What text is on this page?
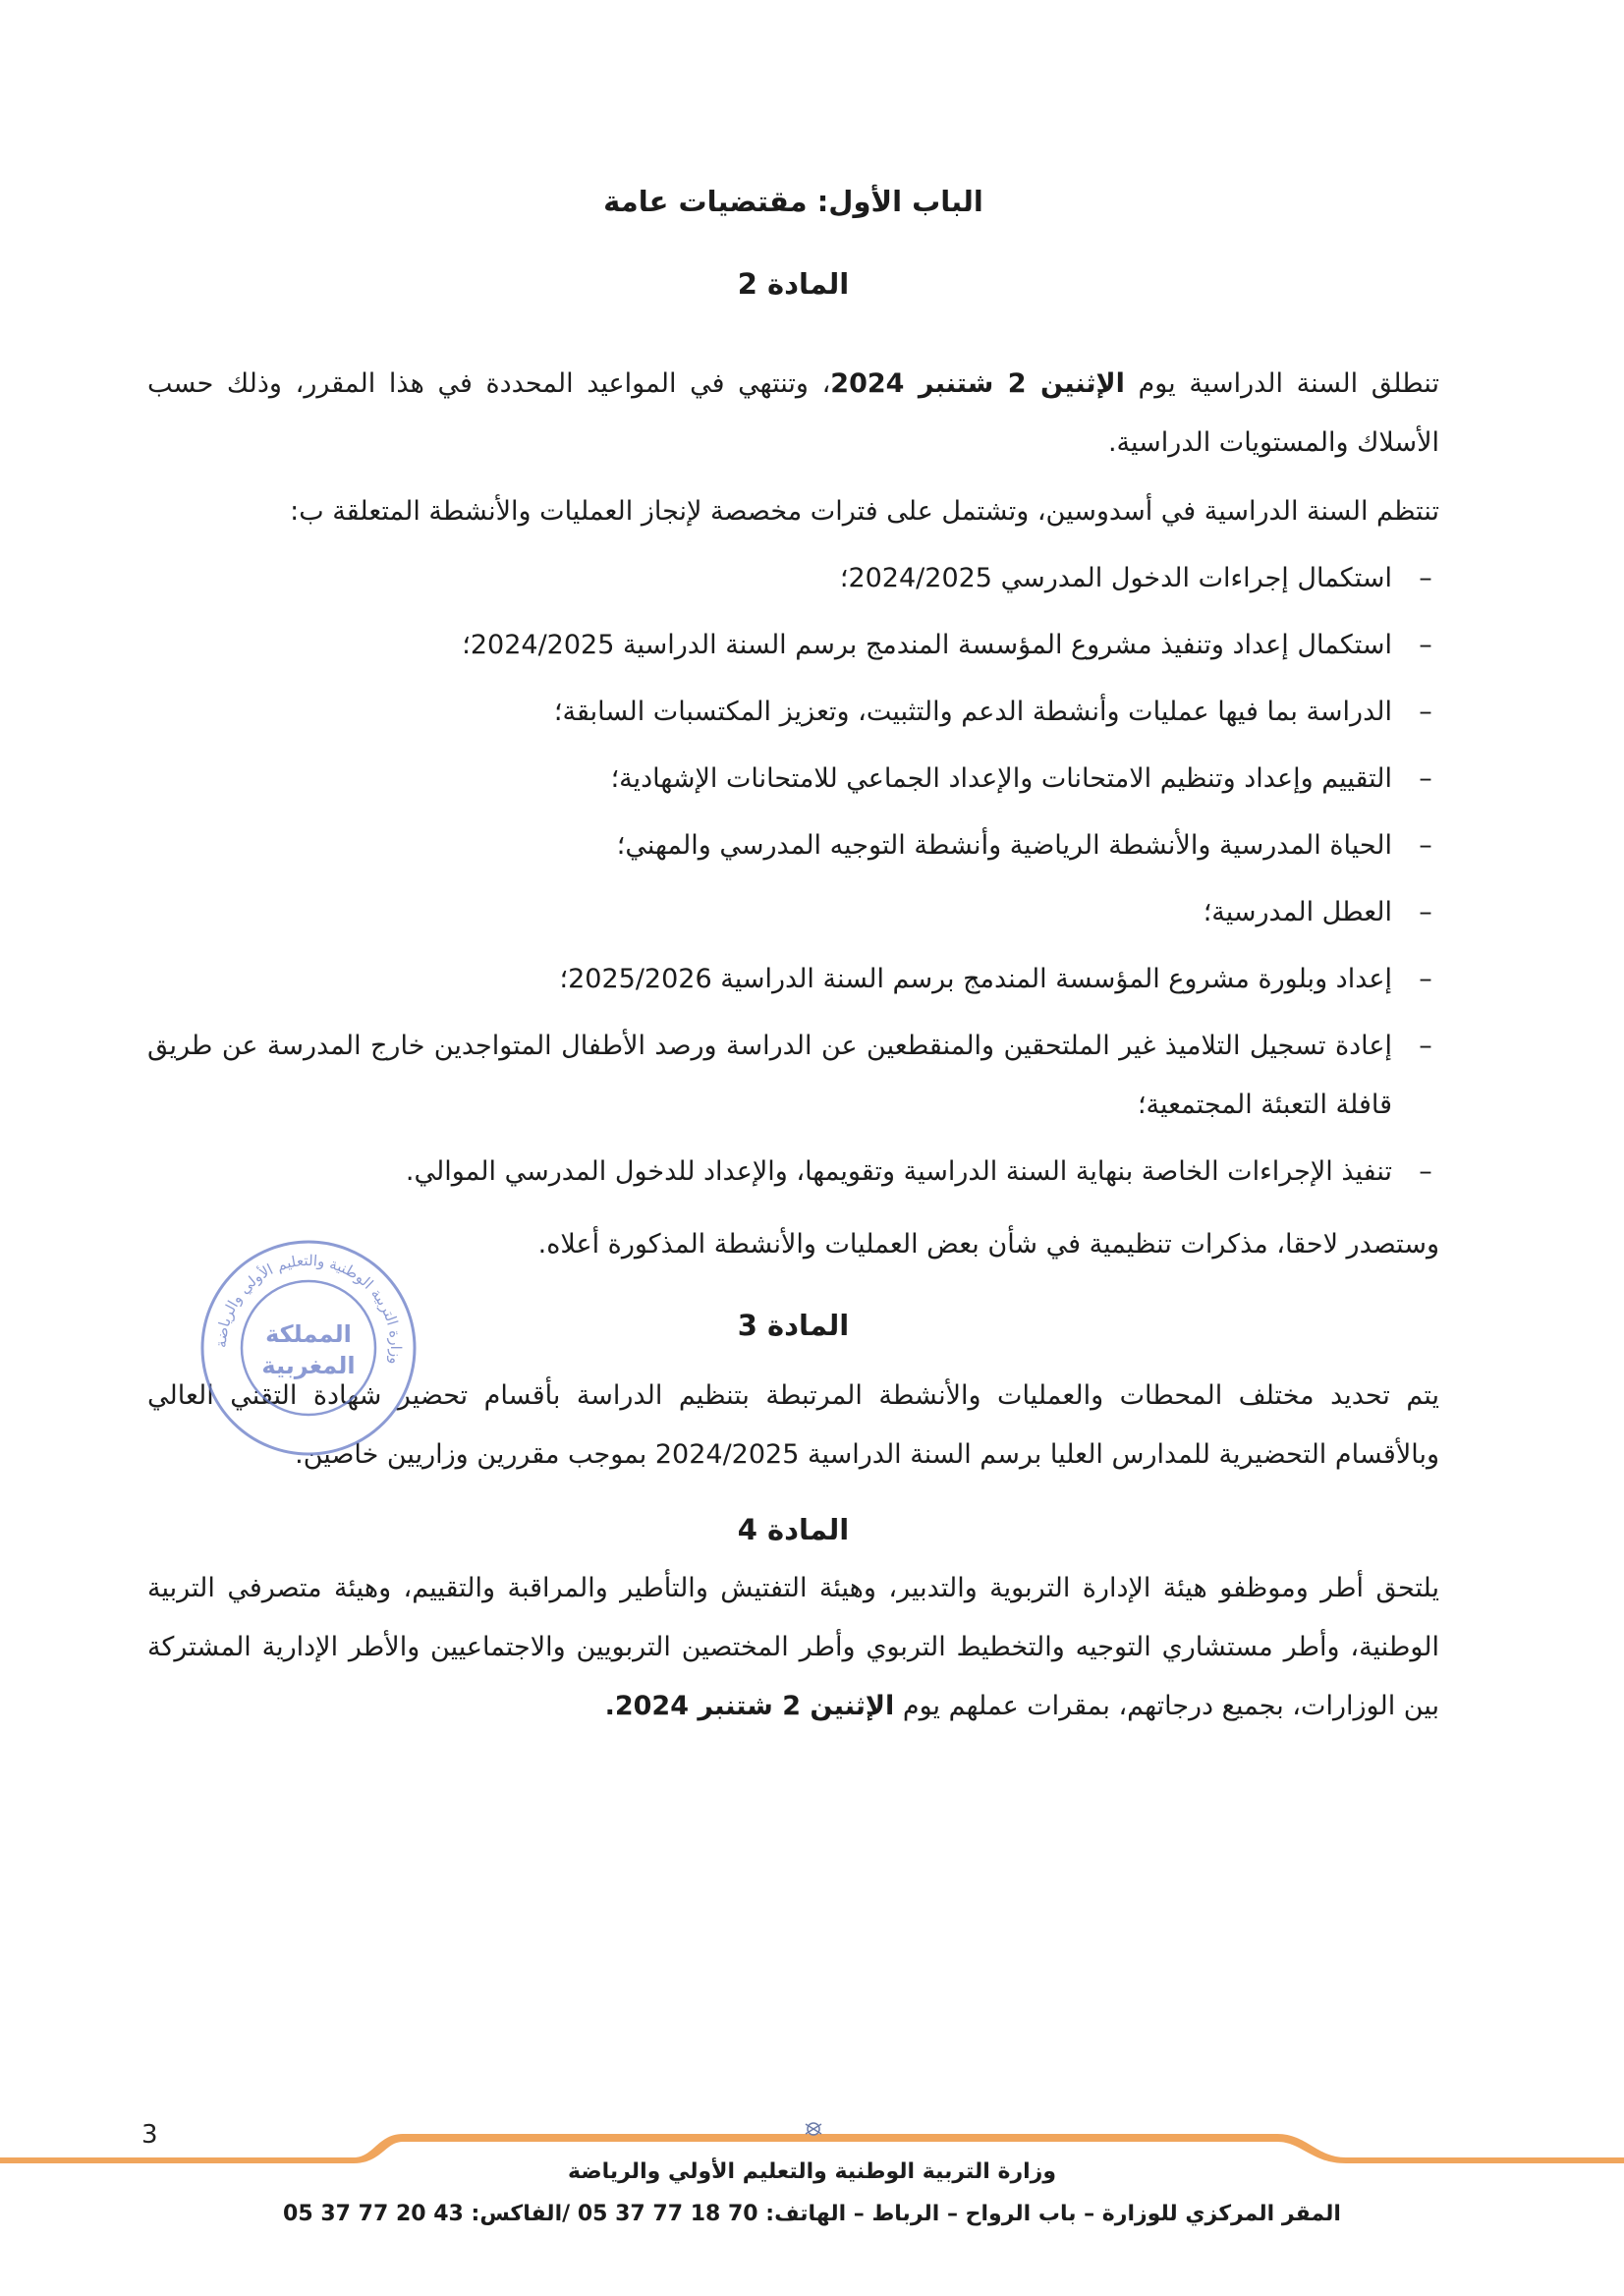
الباب الأول: مقتضيات عامة
المادة 2

تنطلق السنة الدراسية يوم الإثنين 2 شتنبر 2024، وتنتهي في المواعيد المحددة في هذا المقرر، وذلك حسب الأسلاك والمستويات الدراسية.

تنتظم السنة الدراسية في أسدوسين، وتشتمل على فترات مخصصة لإنجاز العمليات والأنشطة المتعلقة ب:

–
استكمال إجراءات الدخول المدرسي 2024/2025؛
–
استكمال إعداد وتنفيذ مشروع المؤسسة المندمج برسم السنة الدراسية 2024/2025؛
–
الدراسة بما فيها عمليات وأنشطة الدعم والتثبيت، وتعزيز المكتسبات السابقة؛
–
التقييم وإعداد وتنظيم الامتحانات والإعداد الجماعي للامتحانات الإشهادية؛
–
الحياة المدرسية والأنشطة الرياضية وأنشطة التوجيه المدرسي والمهني؛
–
العطل المدرسية؛
–
إعداد وبلورة مشروع المؤسسة المندمج برسم السنة الدراسية 2025/2026؛
–
إعادة تسجيل التلاميذ غير الملتحقين والمنقطعين عن الدراسة ورصد الأطفال المتواجدين خارج المدرسة عن طريق قافلة التعبئة المجتمعية؛
–
تنفيذ الإجراءات الخاصة بنهاية السنة الدراسية وتقويمها، والإعداد للدخول المدرسي الموالي.

وستصدر لاحقا، مذكرات تنظيمية في شأن بعض العمليات والأنشطة المذكورة أعلاه.

المادة 3

يتم تحديد مختلف المحطات والعمليات والأنشطة المرتبطة بتنظيم الدراسة بأقسام تحضير شهادة التقني العالي وبالأقسام التحضيرية للمدارس العليا برسم السنة الدراسية 2024/2025 بموجب مقررين وزاريين خاصين.

المادة 4

يلتحق أطر وموظفو هيئة الإدارة التربوية والتدبير، وهيئة التفتيش والتأطير والمراقبة والتقييم، وهيئة متصرفي التربية الوطنية، وأطر مستشاري التوجيه والتخطيط التربوي وأطر المختصين التربويين والاجتماعيين والأطر الإدارية المشتركة بين الوزارات، بجميع درجاتهم، بمقرات عملهم يوم الإثنين 2 شتنبر 2024.

وزارة التربية الوطنية والتعليم الأولي والرياضة
المملكة
المغربية
3
وزارة التربية الوطنية والتعليم الأولي والرياضة
المقر المركزي للوزارة – باب الرواح – الرباط – الهاتف: 70 18 77 37 05 /الفاكس: 43 20 77 37 05
